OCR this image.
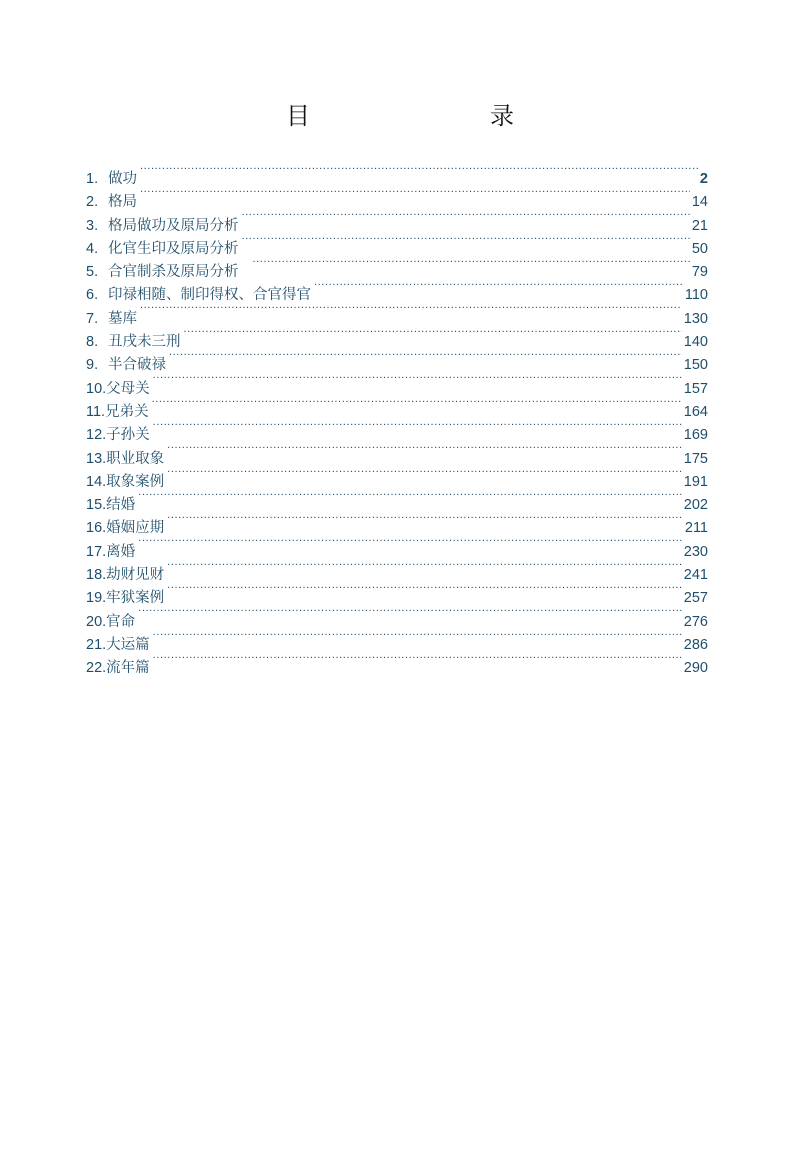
目　　录
1. 做功 .....	2
2. 格局 .....	14
3. 格局做功及原局分析 .....	21
4. 化官生印及原局分析 .....	50
5. 合官制杀及原局分析 .....	79
6. 印禄相随、制印得权、合官得官 .....	110
7. 墓库 .....	130
8. 丑戌未三刑 .....	140
9. 半合破禄 .....	150
10. 父母关 .....	157
11. 兄弟关 .....	164
12. 子孙关 .....	169
13. 职业取象 .....	175
14. 取象案例 .....	191
15. 结婚 .....	202
16. 婚姻应期 .....	211
17. 离婚 .....	230
18. 劫财见财 .....	241
19. 牢狱案例 .....	257
20. 官命 .....	276
21. 大运篇 .....	286
22. 流年篇 .....	290
